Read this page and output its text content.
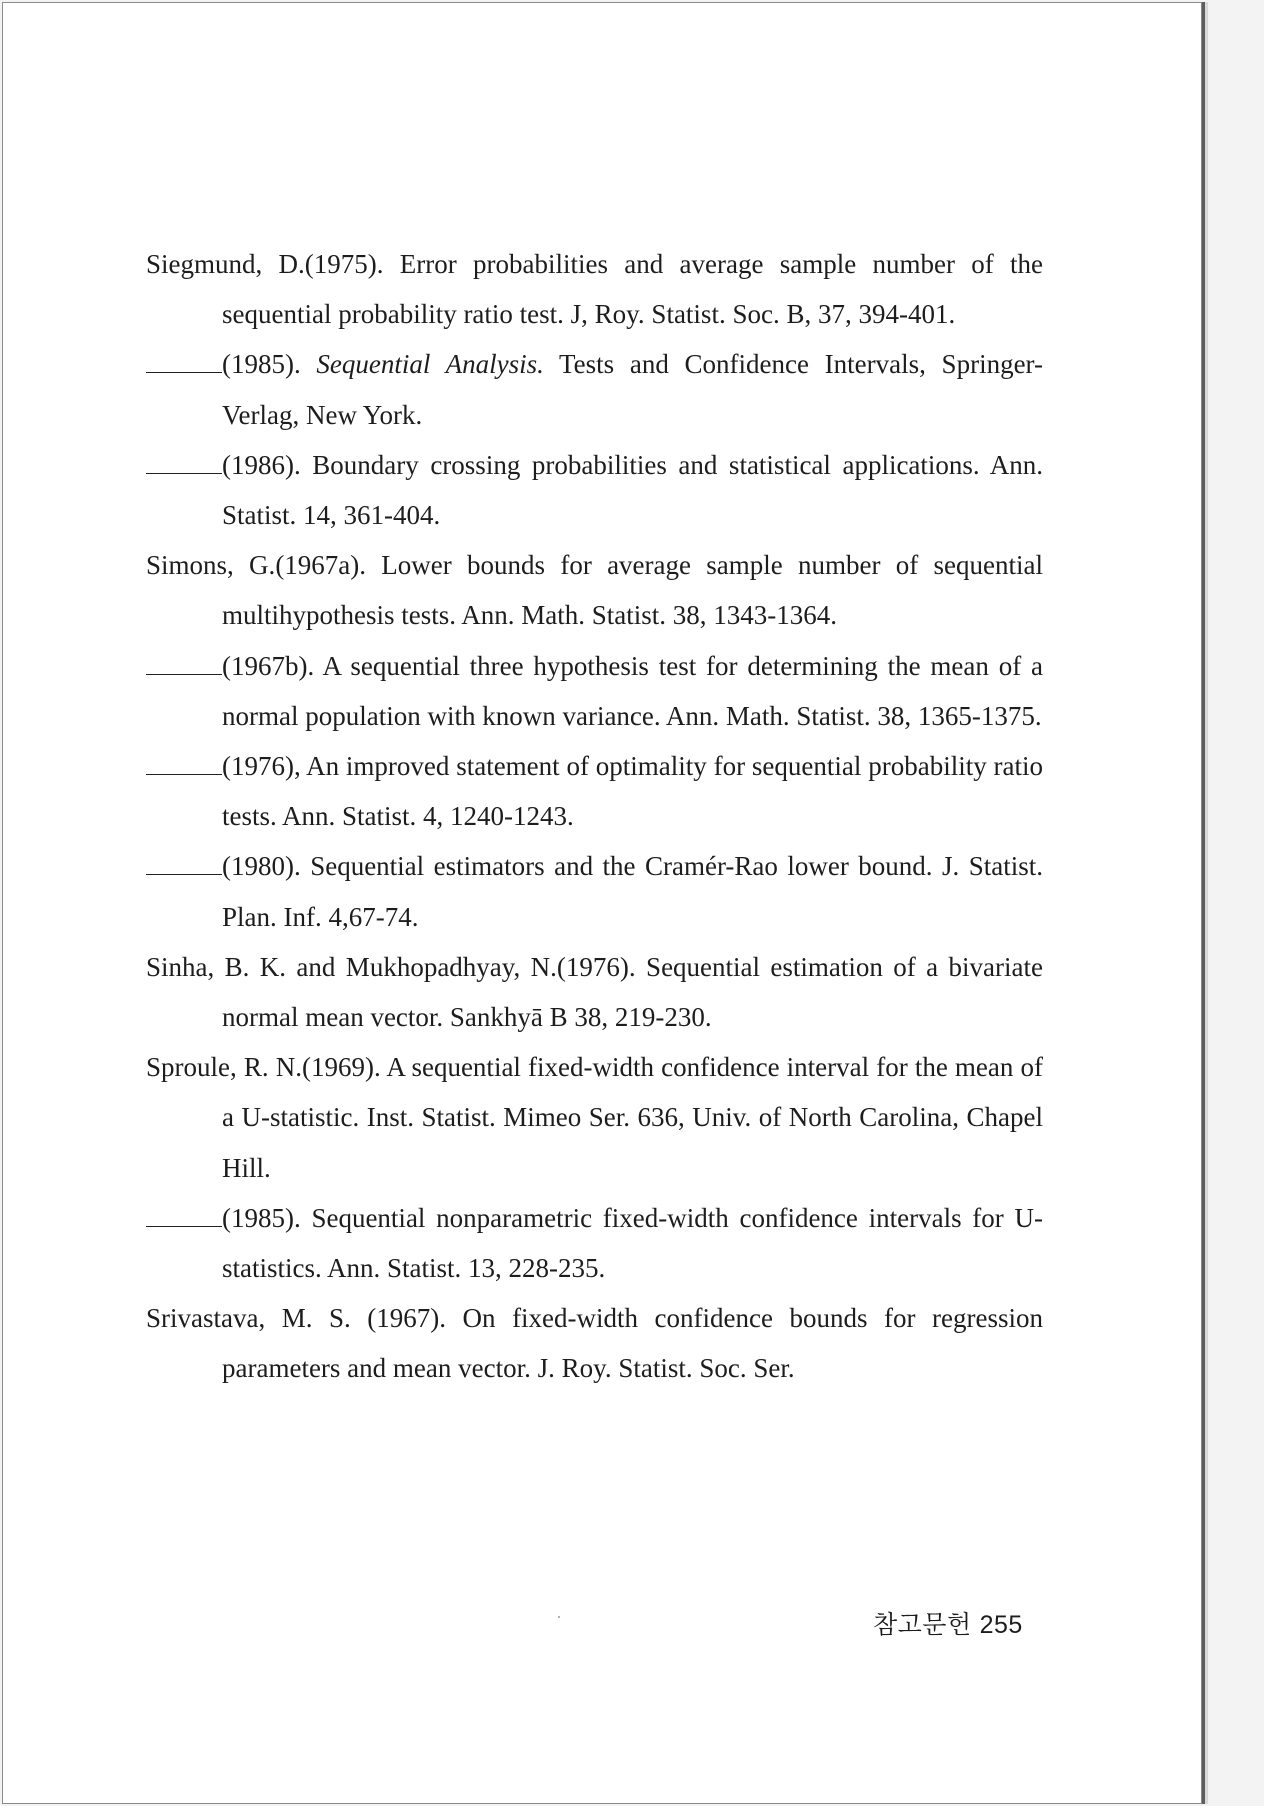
Siegmund, D.(1975). Error probabilities and average sample number of the sequential probability ratio test. J, Roy. Statist. Soc. B, 37, 394-401.
(1985). Sequential Analysis. Tests and Confidence Intervals, Springer-Verlag, New York.
(1986). Boundary crossing probabilities and statistical applications. Ann. Statist. 14, 361-404.
Simons, G.(1967a). Lower bounds for average sample number of sequential multihypothesis tests. Ann. Math. Statist. 38, 1343-1364.
(1967b). A sequential three hypothesis test for determining the mean of a normal population with known variance. Ann. Math. Statist. 38, 1365-1375.
(1976), An improved statement of optimality for sequential probability ratio tests. Ann. Statist. 4, 1240-1243.
(1980). Sequential estimators and the Cramér-Rao lower bound. J. Statist. Plan. Inf. 4,67-74.
Sinha, B. K. and Mukhopadhyay, N.(1976). Sequential estimation of a bivariate normal mean vector. Sankhyā B 38, 219-230.
Sproule, R. N.(1969). A sequential fixed-width confidence interval for the mean of a U-statistic. Inst. Statist. Mimeo Ser. 636, Univ. of North Carolina, Chapel Hill.
(1985). Sequential nonparametric fixed-width confidence intervals for U-statistics. Ann. Statist. 13, 228-235.
Srivastava, M. S. (1967). On fixed-width confidence bounds for regression parameters and mean vector. J. Roy. Statist. Soc. Ser.
참고문헌 255
